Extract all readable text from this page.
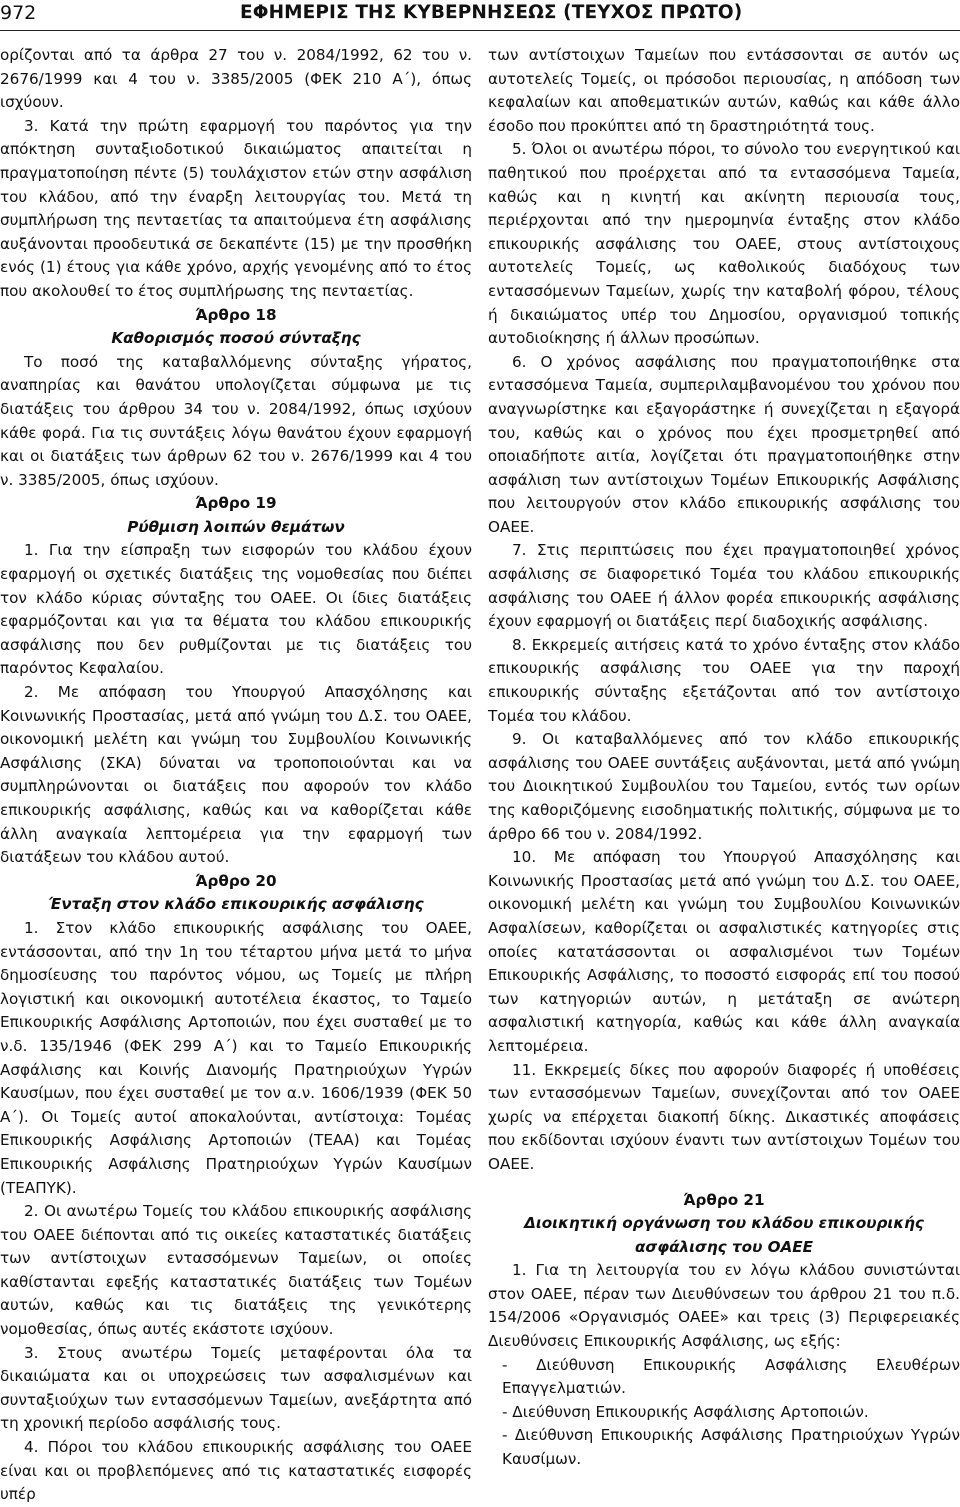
972	ΕΦΗΜΕΡΙΣ ΤΗΣ ΚΥΒΕΡΝΗΣΕΩΣ (ΤΕΥΧΟΣ ΠΡΩΤΟ)

ορίζονται από τα άρθρα 27 του ν. 2084/1992, 62 του ν. 2676/1999 και 4 του ν. 3385/2005 (ΦΕΚ 210 Α΄), όπως ισχύουν.

3. Κατά την πρώτη εφαρμογή του παρόντος για την απόκτηση συνταξιοδοτικού δικαιώματος απαιτείται η πραγματοποίηση πέντε (5) τουλάχιστον ετών στην ασφάλιση του κλάδου, από την έναρξη λειτουργίας του. Μετά τη συμπλήρωση της πενταετίας τα απαιτούμενα έτη ασφάλισης αυξάνονται προοδευτικά σε δεκαπέντε (15) με την προσθήκη ενός (1) έτους για κάθε χρόνο, αρχής γενομένης από το έτος που ακολουθεί το έτος συμπλήρωσης της πενταετίας.

Άρθρο 18

Καθορισμός ποσού σύνταξης

Το ποσό της καταβαλλόμενης σύνταξης γήρατος, αναπηρίας και θανάτου υπολογίζεται σύμφωνα με τις διατάξεις του άρθρου 34 του ν. 2084/1992, όπως ισχύουν κάθε φορά. Για τις συντάξεις λόγω θανάτου έχουν εφαρμογή και οι διατάξεις των άρθρων 62 του ν. 2676/1999 και 4 του ν. 3385/2005, όπως ισχύουν.

Άρθρο 19

Ρύθμιση λοιπών θεμάτων

1. Για την είσπραξη των εισφορών του κλάδου έχουν εφαρμογή οι σχετικές διατάξεις της νομοθεσίας που διέπει τον κλάδο κύριας σύνταξης του ΟΑΕΕ. Οι ίδιες διατάξεις εφαρμόζονται και για τα θέματα του κλάδου επικουρικής ασφάλισης που δεν ρυθμίζονται με τις διατάξεις του παρόντος Κεφαλαίου.

2. Με απόφαση του Υπουργού Απασχόλησης και Κοινωνικής Προστασίας, μετά από γνώμη του Δ.Σ. του ΟΑΕΕ, οικονομική μελέτη και γνώμη του Συμβουλίου Κοινωνικής Ασφάλισης (ΣΚΑ) δύναται να τροποποιούνται και να συμπληρώνονται οι διατάξεις που αφορούν τον κλάδο επικουρικής ασφάλισης, καθώς και να καθορίζεται κάθε άλλη αναγκαία λεπτομέρεια για την εφαρμογή των διατάξεων του κλάδου αυτού.

Άρθρο 20

Ένταξη στον κλάδο επικουρικής ασφάλισης

1. Στον κλάδο επικουρικής ασφάλισης του ΟΑΕΕ, εντάσσονται, από την 1η του τέταρτου μήνα μετά το μήνα δημοσίευσης του παρόντος νόμου, ως Τομείς με πλήρη λογιστική και οικονομική αυτοτέλεια έκαστος, το Ταμείο Επικουρικής Ασφάλισης Αρτοποιών, που έχει συσταθεί με το ν.δ. 135/1946 (ΦΕΚ 299 Α΄) και το Ταμείο Επικουρικής Ασφάλισης και Κοινής Διανομής Πρατηριούχων Υγρών Καυσίμων, που έχει συσταθεί με τον α.ν. 1606/1939 (ΦΕΚ 50 Α΄). Οι Τομείς αυτοί αποκαλούνται, αντίστοιχα: Τομέας Επικουρικής Ασφάλισης Αρτοποιών (ΤΕΑΑ) και Τομέας Επικουρικής Ασφάλισης Πρατηριούχων Υγρών Καυσίμων (ΤΕΑΠΥΚ).

2. Οι ανωτέρω Τομείς του κλάδου επικουρικής ασφάλισης του ΟΑΕΕ διέπονται από τις οικείες καταστατικές διατάξεις των αντίστοιχων εντασσόμενων Ταμείων, οι οποίες καθίστανται εφεξής καταστατικές διατάξεις των Τομέων αυτών, καθώς και τις διατάξεις της γενικότερης νομοθεσίας, όπως αυτές εκάστοτε ισχύουν.

3. Στους ανωτέρω Τομείς μεταφέρονται όλα τα δικαιώματα και οι υποχρεώσεις των ασφαλισμένων και συνταξιούχων των εντασσόμενων Ταμείων, ανεξάρτητα από τη χρονική περίοδο ασφάλισής τους.

4. Πόροι του κλάδου επικουρικής ασφάλισης του ΟΑΕΕ είναι και οι προβλεπόμενες από τις καταστατικές εισφορές υπέρ

των αντίστοιχων Ταμείων που εντάσσονται σε αυτόν ως αυτοτελείς Τομείς, οι πρόσοδοι περιουσίας, η απόδοση των κεφαλαίων και αποθεματικών αυτών, καθώς και κάθε άλλο έσοδο που προκύπτει από τη δραστηριότητά τους.

5. Όλοι οι ανωτέρω πόροι, το σύνολο του ενεργητικού και παθητικού που προέρχεται από τα εντασσόμενα Ταμεία, καθώς και η κινητή και ακίνητη περιουσία τους, περιέρχονται από την ημερομηνία ένταξης στον κλάδο επικουρικής ασφάλισης του ΟΑΕΕ, στους αντίστοιχους αυτοτελείς Τομείς, ως καθολικούς διαδόχους των εντασσόμενων Ταμείων, χωρίς την καταβολή φόρου, τέλους ή δικαιώματος υπέρ του Δημοσίου, οργανισμού τοπικής αυτοδιοίκησης ή άλλων προσώπων.

6. Ο χρόνος ασφάλισης που πραγματοποιήθηκε στα εντασσόμενα Ταμεία, συμπεριλαμβανομένου του χρόνου που αναγνωρίστηκε και εξαγοράστηκε ή συνεχίζεται η εξαγορά του, καθώς και ο χρόνος που έχει προσμετρηθεί από οποιαδήποτε αιτία, λογίζεται ότι πραγματοποιήθηκε στην ασφάλιση των αντίστοιχων Τομέων Επικουρικής Ασφάλισης που λειτουργούν στον κλάδο επικουρικής ασφάλισης του ΟΑΕΕ.

7. Στις περιπτώσεις που έχει πραγματοποιηθεί χρόνος ασφάλισης σε διαφορετικό Τομέα του κλάδου επικουρικής ασφάλισης του ΟΑΕΕ ή άλλον φορέα επικουρικής ασφάλισης έχουν εφαρμογή οι διατάξεις περί διαδοχικής ασφάλισης.

8. Εκκρεμείς αιτήσεις κατά το χρόνο ένταξης στον κλάδο επικουρικής ασφάλισης του ΟΑΕΕ για την παροχή επικουρικής σύνταξης εξετάζονται από τον αντίστοιχο Τομέα του κλάδου.

9. Οι καταβαλλόμενες από τον κλάδο επικουρικής ασφάλισης του ΟΑΕΕ συντάξεις αυξάνονται, μετά από γνώμη του Διοικητικού Συμβουλίου του Ταμείου, εντός των ορίων της καθοριζόμενης εισοδηματικής πολιτικής, σύμφωνα με το άρθρο 66 του ν. 2084/1992.

10. Με απόφαση του Υπουργού Απασχόλησης και Κοινωνικής Προστασίας μετά από γνώμη του Δ.Σ. του ΟΑΕΕ, οικονομική μελέτη και γνώμη του Συμβουλίου Κοινωνικών Ασφαλίσεων, καθορίζεται οι ασφαλιστικές κατηγορίες στις οποίες κατατάσσονται οι ασφαλισμένοι των Τομέων Επικουρικής Ασφάλισης, το ποσοστό εισφοράς επί του ποσού των κατηγοριών αυτών, η μετάταξη σε ανώτερη ασφαλιστική κατηγορία, καθώς και κάθε άλλη αναγκαία λεπτομέρεια.

11. Εκκρεμείς δίκες που αφορούν διαφορές ή υποθέσεις των εντασσόμενων Ταμείων, συνεχίζονται από τον ΟΑΕΕ χωρίς να επέρχεται διακοπή δίκης. Δικαστικές αποφάσεις που εκδίδονται ισχύουν έναντι των αντίστοιχων Τομέων του ΟΑΕΕ.

Άρθρο 21

Διοικητική οργάνωση του κλάδου επικουρικής ασφάλισης του ΟΑΕΕ

1. Για τη λειτουργία του εν λόγω κλάδου συνιστώνται στον ΟΑΕΕ, πέραν των Διευθύνσεων του άρθρου 21 του π.δ. 154/2006 «Οργανισμός ΟΑΕΕ» και τρεις (3) Περιφερειακές Διευθύνσεις Επικουρικής Ασφάλισης, ως εξής:

- Διεύθυνση Επικουρικής Ασφάλισης Ελευθέρων Επαγγελματιών.

- Διεύθυνση Επικουρικής Ασφάλισης Αρτοποιών.

- Διεύθυνση Επικουρικής Ασφάλισης Πρατηριούχων Υγρών Καυσίμων.
